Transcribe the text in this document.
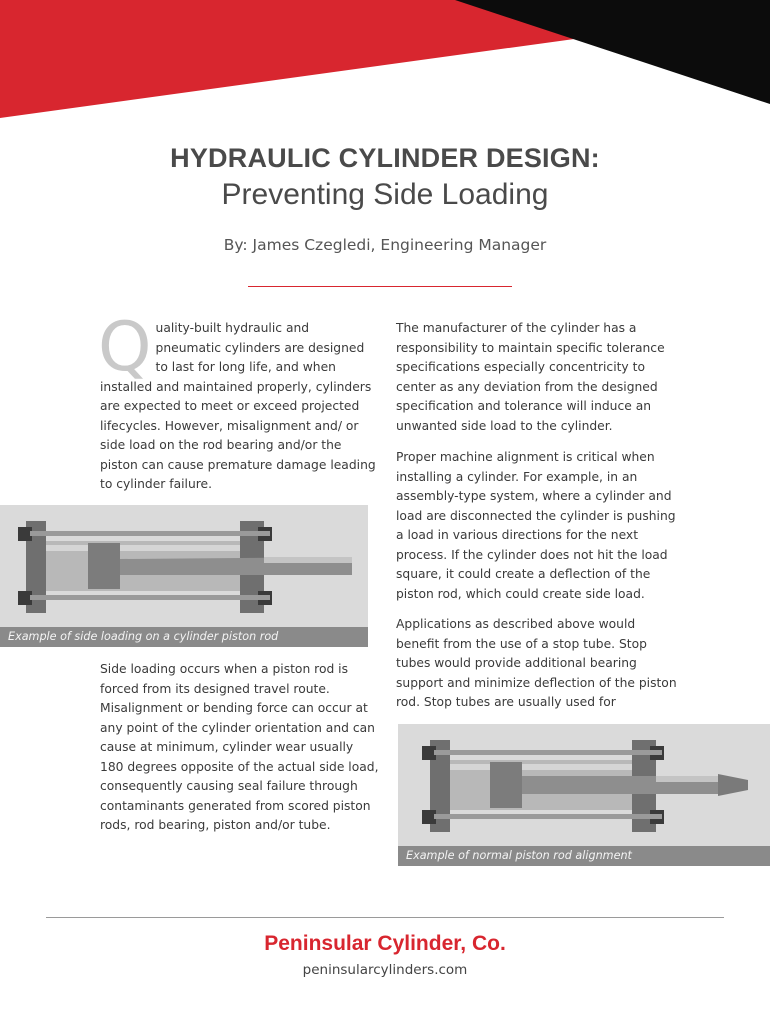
HYDRAULIC CYLINDER DESIGN:
Preventing Side Loading
By: James Czegledi, Engineering Manager

Quality-built hydraulic and pneumatic cylinders are designed to last for long life, and when installed and maintained properly, cylinders are expected to meet or exceed projected lifecycles. However, misalignment and/ or side load on the rod bearing and/or the piston can cause premature damage leading to cylinder failure.

Example of side loading on a cylinder piston rod

Side loading occurs when a piston rod is forced from its designed travel route. Misalignment or bending force can occur at any point of the cylinder orientation and can cause at minimum, cylinder wear usually 180 degrees opposite of the actual side load, consequently causing seal failure through contaminants generated from scored piston rods, rod bearing, piston and/or tube.

The manufacturer of the cylinder has a responsibility to maintain specific tolerance specifications especially concentricity to center as any deviation from the designed specification and tolerance will induce an unwanted side load to the cylinder.

Proper machine alignment is critical when installing a cylinder. For example, in an assembly-type system, where a cylinder and load are disconnected the cylinder is pushing a load in various directions for the next process. If the cylinder does not hit the load square, it could create a deflection of the piston rod, which could create side load.

Applications as described above would benefit from the use of a stop tube. Stop tubes would provide additional bearing support and minimize deflection of the piston rod. Stop tubes are usually used for

Example of normal piston rod alignment
Peninsular Cylinder, Co.
peninsularcylinders.com
